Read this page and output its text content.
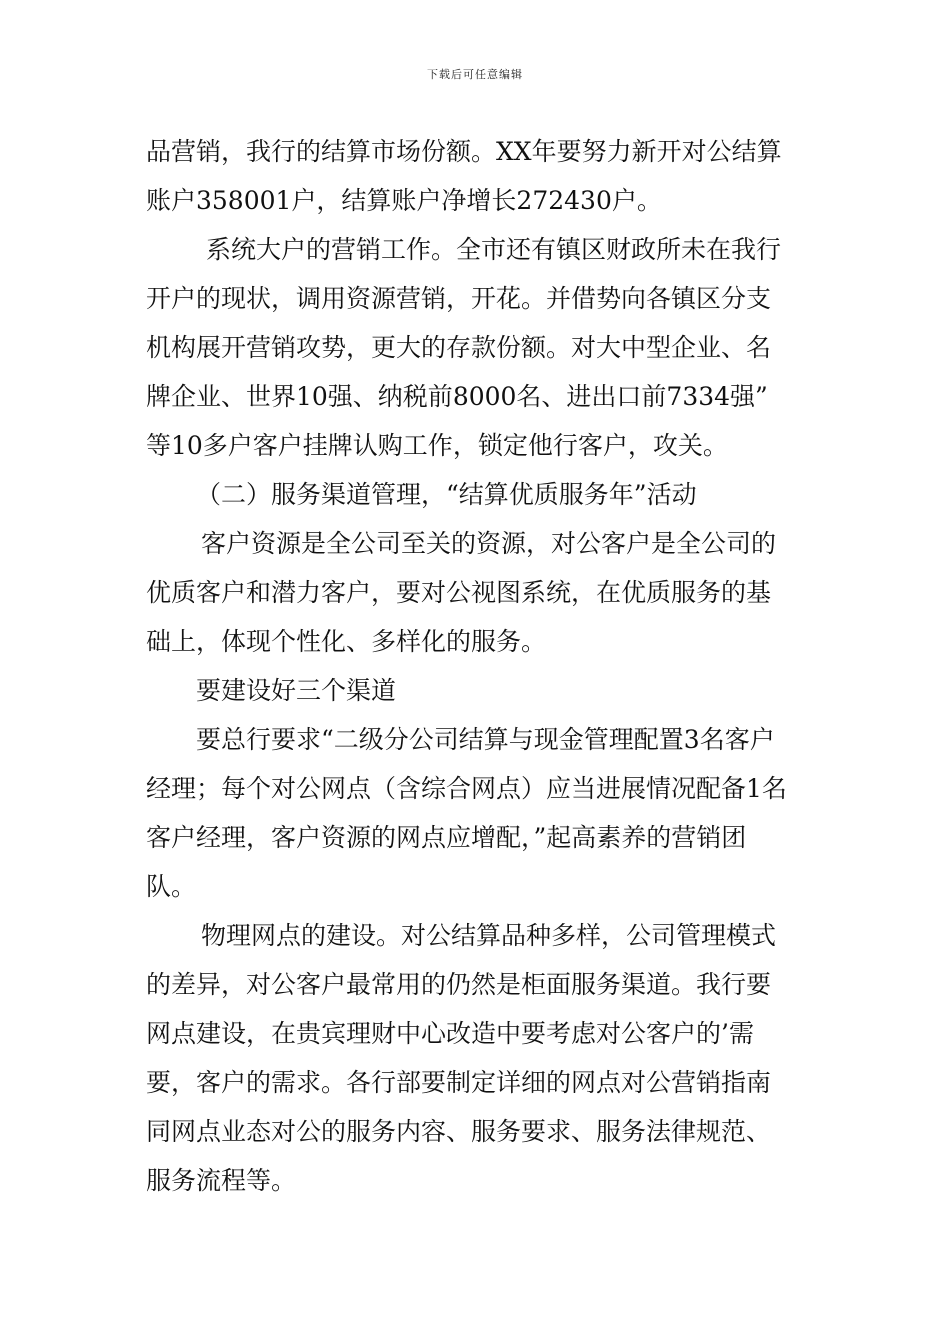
下载后可任意编辑
品营销，我行的结算市场份额。XX年要努力新开对公结算
账户358001户，结算账户净增长272430户。
系统大户的营销工作。全市还有镇区财政所未在我行
开户的现状，调用资源营销，开花。并借势向各镇区分支
机构展开营销攻势，更大的存款份额。对大中型企业、名
牌企业、世界10强、纳税前8000名、进出口前7334强”
等10多户客户挂牌认购工作，锁定他行客户，攻关。
（二）服务渠道管理，“结算优质服务年”活动
客户资源是全公司至关的资源，对公客户是全公司的
优质客户和潜力客户，要对公视图系统，在优质服务的基
础上，体现个性化、多样化的服务。
要建设好三个渠道
要总行要求“二级分公司结算与现金管理配置3名客户
经理；每个对公网点（含综合网点）应当进展情况配备1名
客户经理，客户资源的网点应增配，”起高素养的营销团
队。
物理网点的建设。对公结算品种多样，公司管理模式
的差异，对公客户最常用的仍然是柜面服务渠道。我行要
网点建设，在贵宾理财中心改造中要考虑对公客户的’需
要，客户的需求。各行部要制定详细的网点对公营销指南
同网点业态对公的服务内容、服务要求、服务法律规范、
服务流程等。
